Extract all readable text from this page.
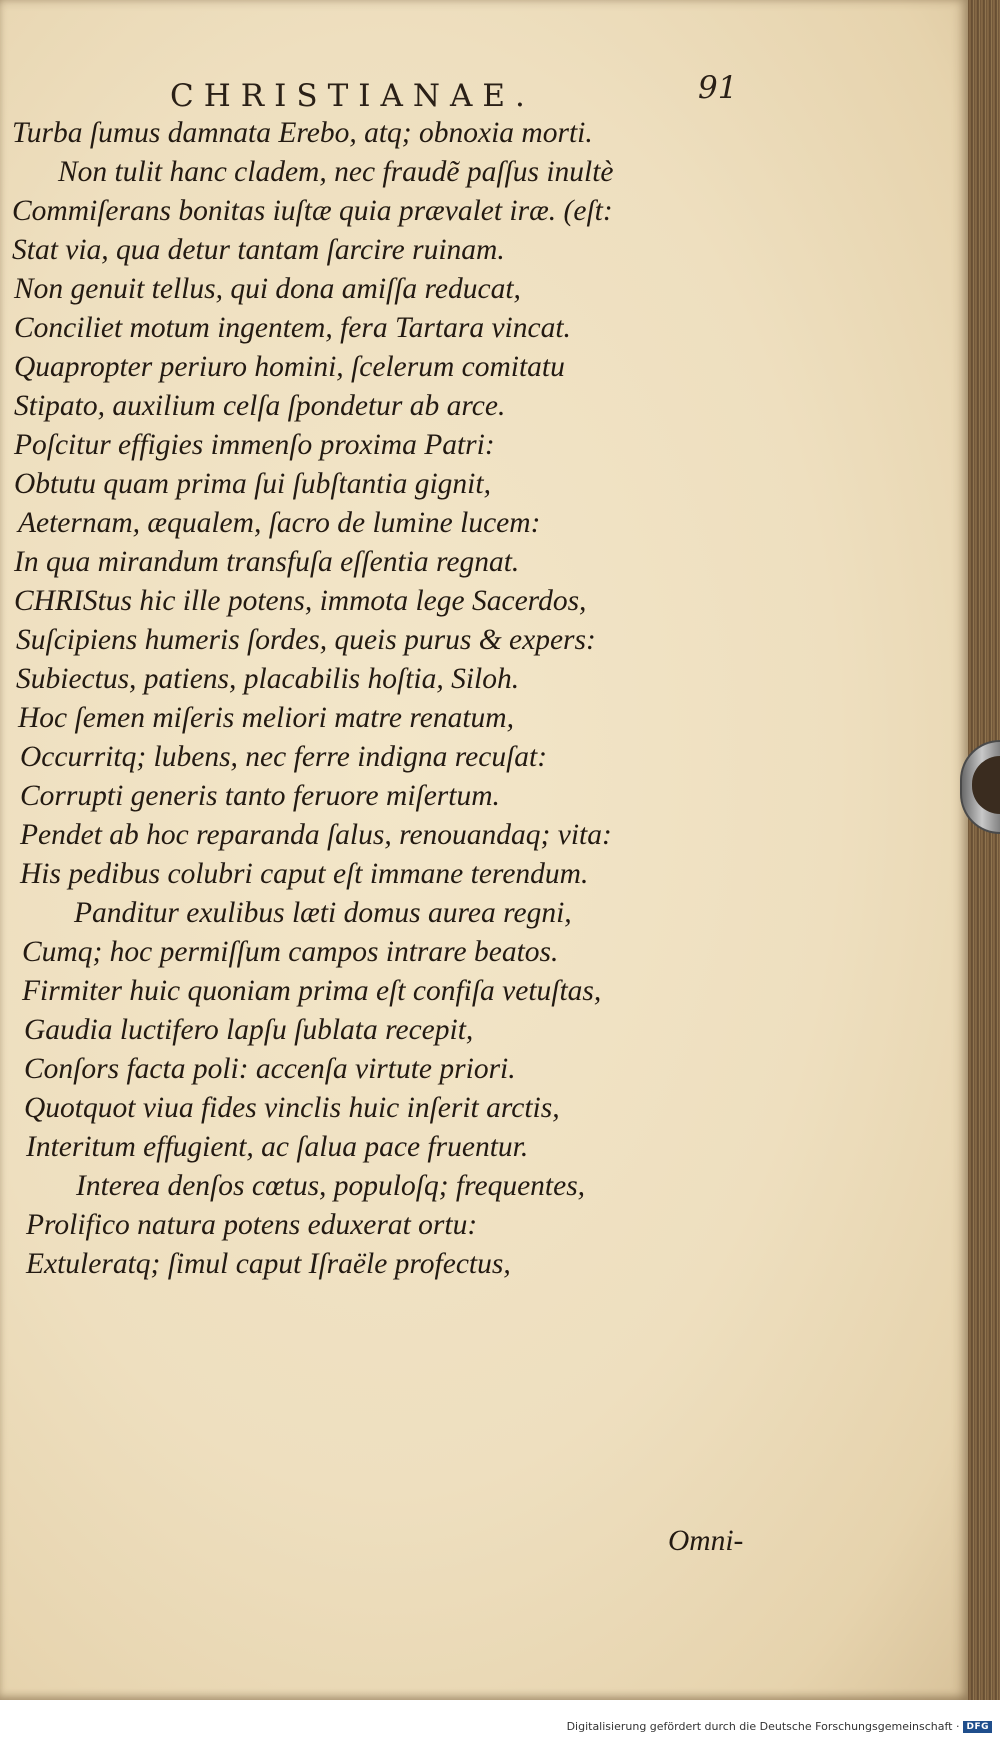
CHRISTIANAE.	91
Turba ſumus damnata Erebo, atq; obnoxia morti.
Non tulit hanc cladem, nec fraudẽ paſſus inultè
Commiſerans bonitas iuſtæ quia prævalet iræ. (eſt:
Stat via, qua detur tantam ſarcire ruinam.
Non genuit tellus, qui dona amiſſa reducat,
Conciliet motum ingentem, fera Tartara vincat.
Quapropter periuro homini, ſcelerum comitatu
Stipato, auxilium celſa ſpondetur ab arce.
Poſcitur effigies immenſo proxima Patri:
Obtutu quam prima ſui ſubſtantia gignit,
Aeternam, æqualem, ſacro de lumine lucem:
In qua mirandum transfuſa eſſentia regnat.
CHRIStus hic ille potens, immota lege Sacerdos,
Suſcipiens humeris ſordes, queis purus & expers:
Subiectus, patiens, placabilis hoſtia, Siloh.
Hoc ſemen miſeris meliori matre renatum,
Occurritq; lubens, nec ferre indigna recuſat:
Corrupti generis tanto feruore miſertum.
Pendet ab hoc reparanda ſalus, renouandaq; vita:
His pedibus colubri caput eſt immane terendum.
Panditur exulibus læti domus aurea regni,
Cumq; hoc permiſſum campos intrare beatos.
Firmiter huic quoniam prima eſt confiſa vetuſtas,
Gaudia luctifero lapſu ſublata recepit,
Conſors facta poli: accenſa virtute priori.
Quotquot viua fides vinclis huic inſerit arctis,
Interitum effugient, ac ſalua pace fruentur.
Interea denſos cœtus, populoſq; frequentes,
Prolifico natura potens eduxerat ortu:
Extuleratq; ſimul caput Iſraële profectus,
Omni-
Digitalisierung gefördert durch die Deutsche Forschungsgemeinschaft · DFG
